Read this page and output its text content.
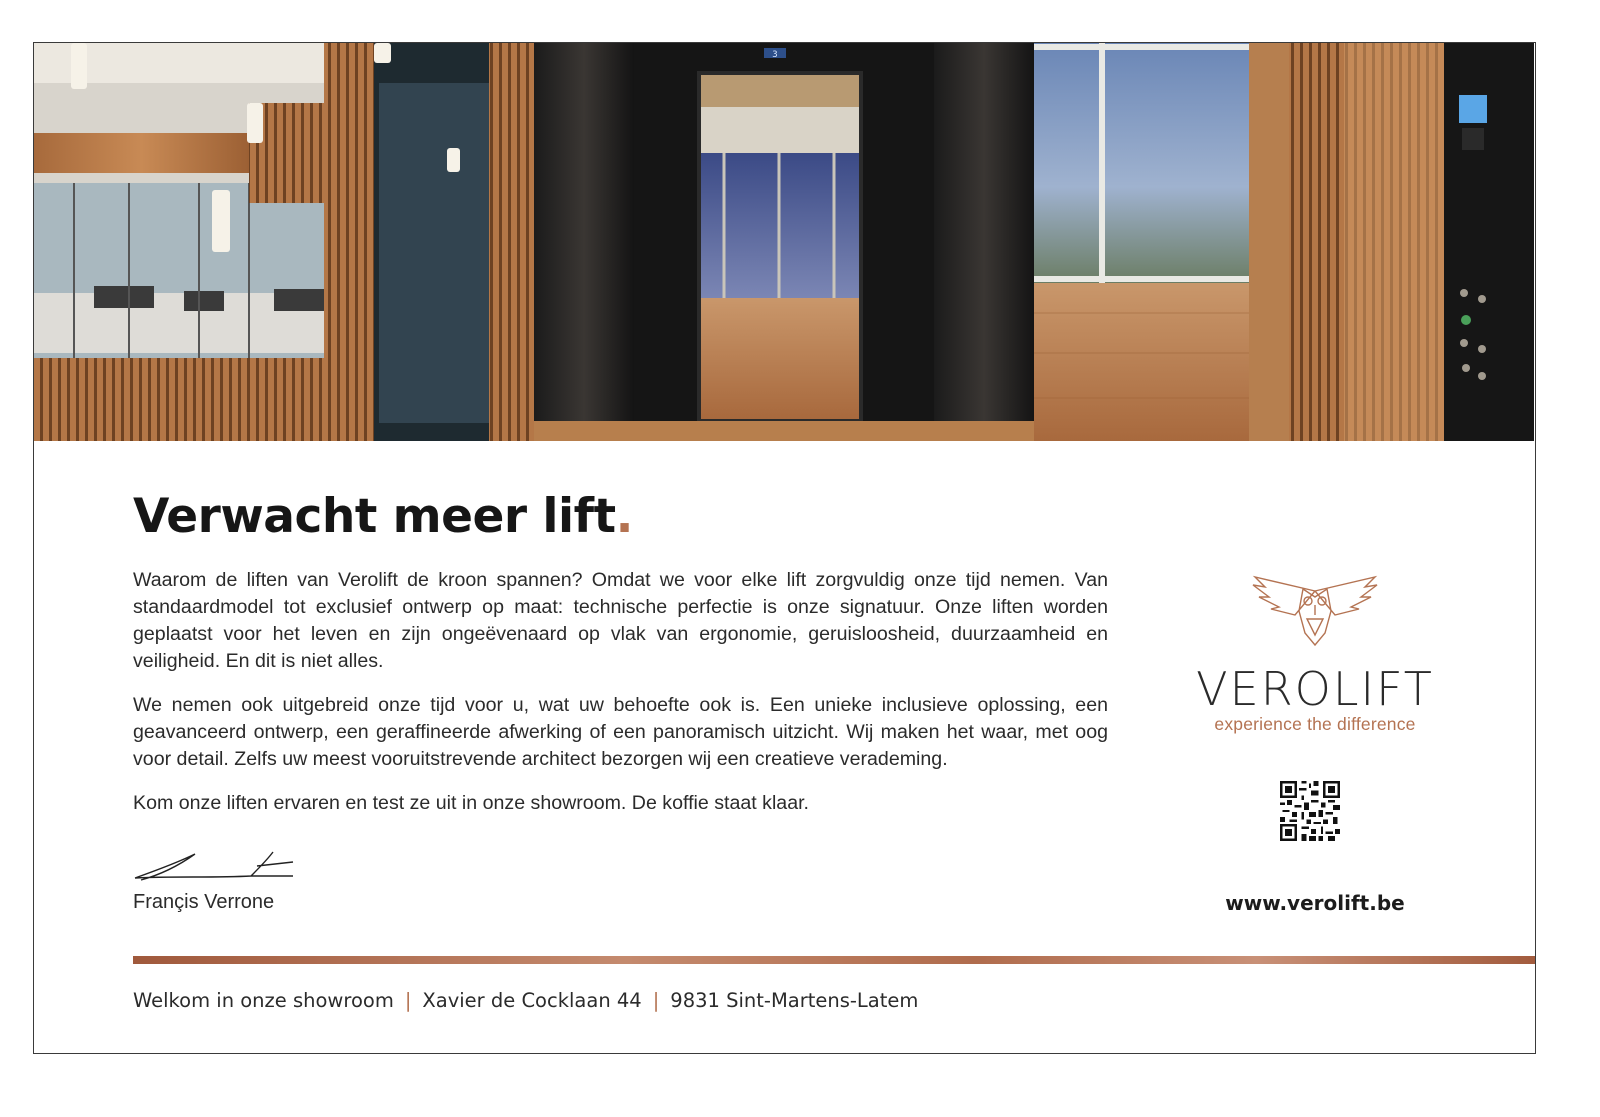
3
Verwacht meer lift.

Waarom de liften van Verolift de kroon spannen? Omdat we voor elke lift zorgvuldig onze tijd nemen. Van standaardmodel tot exclusief ontwerp op maat: technische perfectie is onze signatuur. Onze liften worden geplaatst voor het leven en zijn ongeëvenaard op vlak van ergonomie, geruisloosheid, duurzaamheid en veiligheid. En dit is niet alles.

We nemen ook uitgebreid onze tijd voor u, wat uw behoefte ook is. Een unieke inclusieve oplossing, een geavanceerd ontwerp, een geraffineerde afwerking of een panoramisch uitzicht. Wij maken het waar, met oog voor detail. Zelfs uw meest vooruitstrevende architect bezorgen wij een creatieve verademing.

Kom onze liften ervaren en test ze uit in onze showroom. De koffie staat klaar.

Françis Verrone
VEROLIFT
experience the difference
www.verolift.be
Welkom in onze showroom | Xavier de Cocklaan 44 | 9831 Sint-Martens-Latem
